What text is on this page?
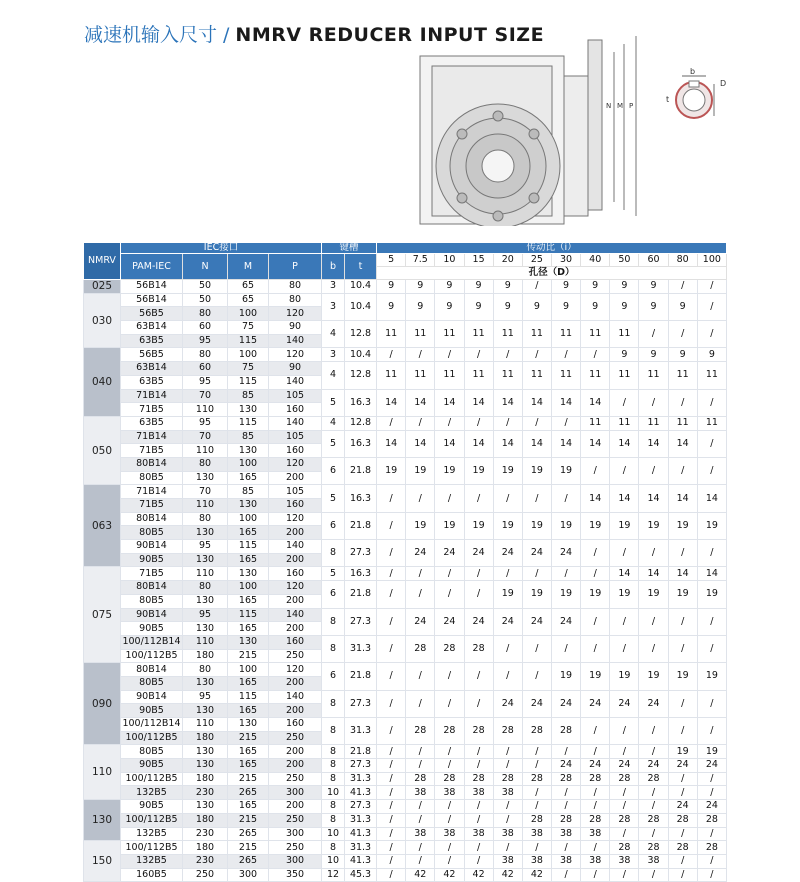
减速机输入尺寸 / NMRV REDUCER INPUT SIZE
N M P
b
D
t
NMRV	IEC接口				键槽		传动比（i）											
	PAM-IEC	N	M	P	b	t	5	7.5	10	15	20	25	30	40	50	60	80	100
							孔径（D）											
025	56B14	50	65	80	3	10.4	9	9	9	9	9	/	9	9	9	9	/	/
030	56B14	50	65	80	3	10.4	9	9	9	9	9	9	9	9	9	9	9	/
	56B5	80	100	120														
	63B14	60	75	90	4	12.8	11	11	11	11	11	11	11	11	11	/	/	/
	63B5	95	115	140														
040	56B5	80	100	120	3	10.4	/	/	/	/	/	/	/	/	9	9	9	9
	63B14	60	75	90	4	12.8	11	11	11	11	11	11	11	11	11	11	11	11
	63B5	95	115	140														
	71B14	70	85	105	5	16.3	14	14	14	14	14	14	14	14	/	/	/	/
	71B5	110	130	160														
050	63B5	95	115	140	4	12.8	/	/	/	/	/	/	/	11	11	11	11	11
	71B14	70	85	105	5	16.3	14	14	14	14	14	14	14	14	14	14	14	/
	71B5	110	130	160														
	80B14	80	100	120	6	21.8	19	19	19	19	19	19	19	/	/	/	/	/
	80B5	130	165	200														
063	71B14	70	85	105	5	16.3	/	/	/	/	/	/	/	14	14	14	14	14
	71B5	110	130	160														
	80B14	80	100	120	6	21.8	/	19	19	19	19	19	19	19	19	19	19	19
	80B5	130	165	200														
	90B14	95	115	140	8	27.3	/	24	24	24	24	24	24	/	/	/	/	/
	90B5	130	165	200														
075	71B5	110	130	160	5	16.3	/	/	/	/	/	/	/	/	14	14	14	14
	80B14	80	100	120	6	21.8	/	/	/	/	19	19	19	19	19	19	19	19
	80B5	130	165	200														
	90B14	95	115	140	8	27.3	/	24	24	24	24	24	24	/	/	/	/	/
	90B5	130	165	200														
	100/112B14	110	130	160	8	31.3	/	28	28	28	/	/	/	/	/	/	/	/
	100/112B5	180	215	250														
090	80B14	80	100	120	6	21.8	/	/	/	/	/	/	19	19	19	19	19	19
	80B5	130	165	200														
	90B14	95	115	140	8	27.3	/	/	/	/	24	24	24	24	24	24	/	/
	90B5	130	165	200														
	100/112B14	110	130	160	8	31.3	/	28	28	28	28	28	28	/	/	/	/	/
	100/112B5	180	215	250														
110	80B5	130	165	200	8	21.8	/	/	/	/	/	/	/	/	/	/	19	19
	90B5	130	165	200	8	27.3	/	/	/	/	/	/	24	24	24	24	24	24
	100/112B5	180	215	250	8	31.3	/	28	28	28	28	28	28	28	28	28	/	/
	132B5	230	265	300	10	41.3	/	38	38	38	38	/	/	/	/	/	/	/
130	90B5	130	165	200	8	27.3	/	/	/	/	/	/	/	/	/	/	24	24
	100/112B5	180	215	250	8	31.3	/	/	/	/	/	28	28	28	28	28	28	28
	132B5	230	265	300	10	41.3	/	38	38	38	38	38	38	38	/	/	/	/
150	100/112B5	180	215	250	8	31.3	/	/	/	/	/	/	/	/	28	28	28	28
	132B5	230	265	300	10	41.3	/	/	/	/	38	38	38	38	38	38	/	/
	160B5	250	300	350	12	45.3	/	42	42	42	42	42	/	/	/	/	/	/
